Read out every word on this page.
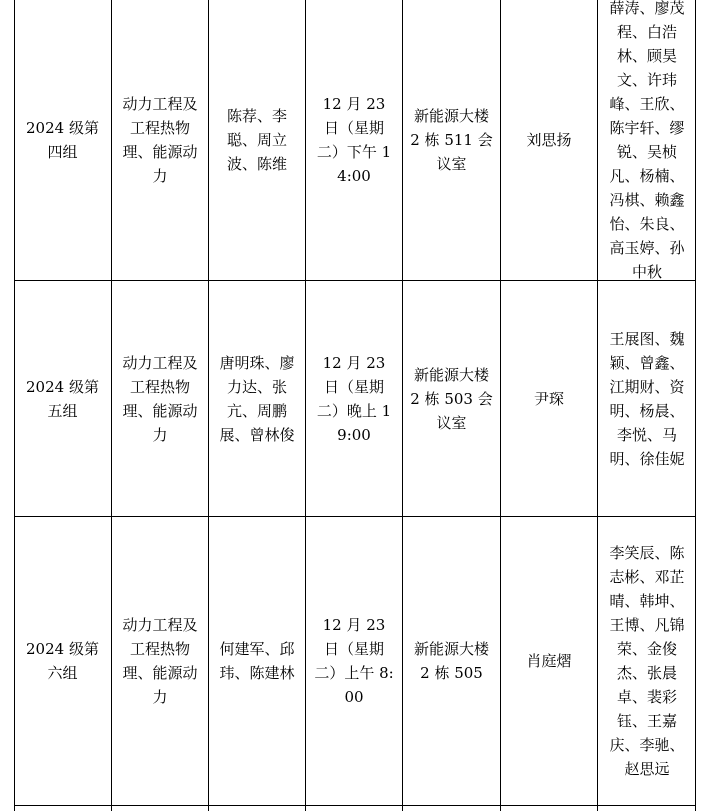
2024 级第四组
动力工程及工程热物理、能源动力
陈荐、李聪、周立波、陈维
12 月 23 日（星期二）下午 14:00
新能源大楼 2 栋 511 会议室
刘思扬
薛涛、廖茂程、白浩林、顾昊文、许玮峰、王欣、陈宇轩、缪锐、吴桢凡、杨楠、冯棋、赖鑫怡、朱良、高玉婷、孙中秋
2024 级第五组
动力工程及工程热物理、能源动力
唐明珠、廖力达、张亢、周鹏展、曾林俊
12 月 23 日（星期二）晚上 19:00
新能源大楼 2 栋 503 会议室
尹琛
王展图、魏颖、曾鑫、江期财、资明、杨晨、李悦、马明、徐佳妮
2024 级第六组
动力工程及工程热物理、能源动力
何建军、邱玮、陈建林
12 月 23 日（星期二）上午 8:00
新能源大楼 2 栋 505
肖庭熠
李笑辰、陈志彬、邓芷晴、韩坤、王博、凡锦荣、金俊杰、张晨卓、裴彩钰、王嘉庆、李驰、赵思远
